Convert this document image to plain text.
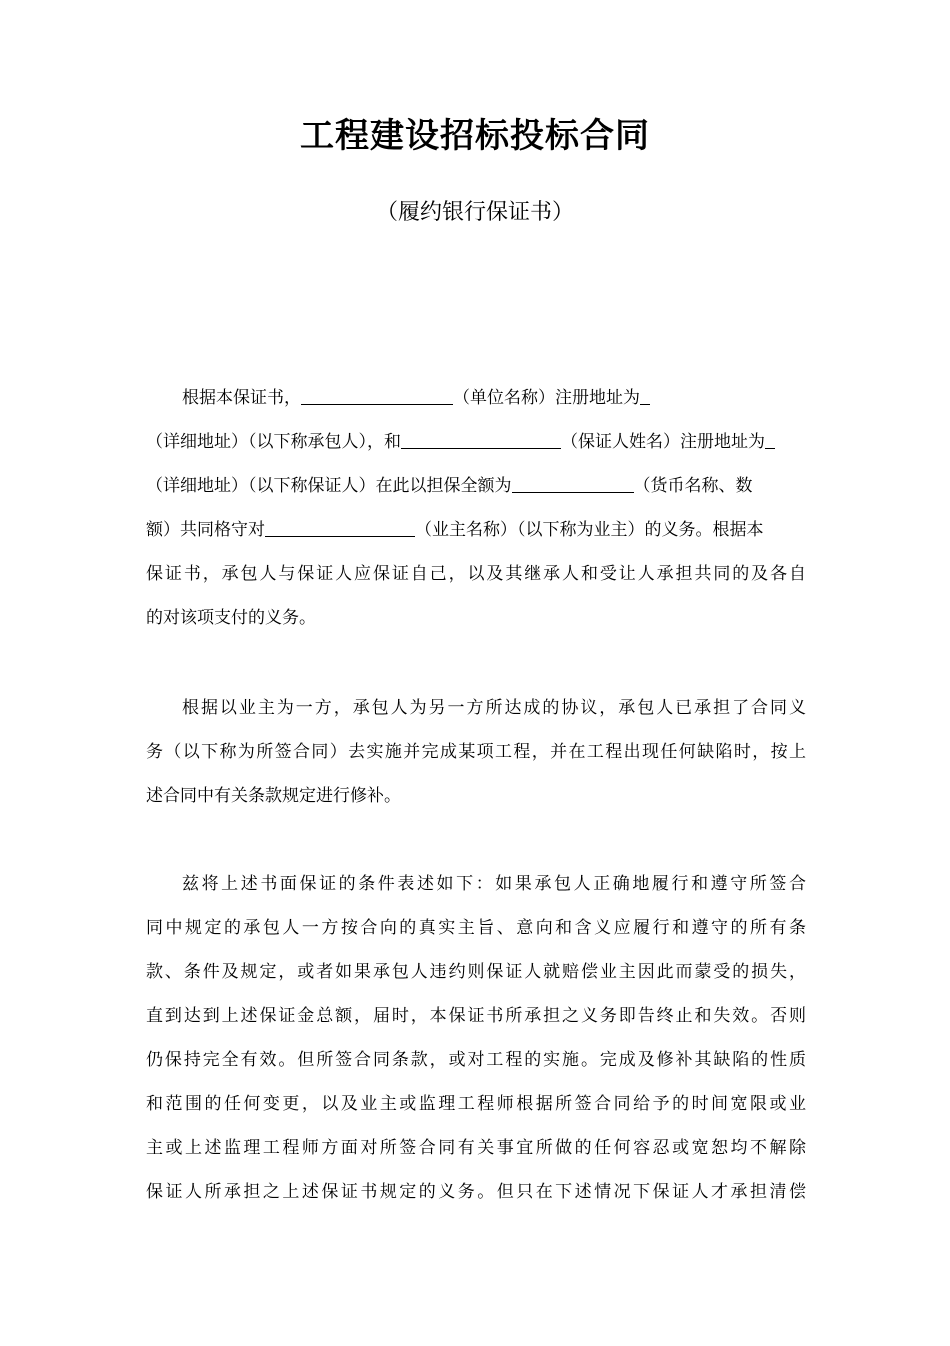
工程建设招标投标合同
（履约银行保证书）
根据本保证书，	（单位名称）注册地址为
（详细地址）（以下称承包人），和	（保证人姓名）注册地址为
（详细地址）（以下称保证人）在此以担保全额为	（货币名称、数
额）共同格守对	（业主名称）（以下称为业主）的义务。根据本
保证书，承包人与保证人应保证自己，以及其继承人和受让人承担共同的及各自
的对该项支付的义务。
根据以业主为一方，承包人为另一方所达成的协议，承包人已承担了合同义
务（以下称为所签合同）去实施并完成某项工程，并在工程出现任何缺陷时，按上
述合同中有关条款规定进行修补。
兹将上述书面保证的条件表述如下：如果承包人正确地履行和遵守所签合
同中规定的承包人一方按合向的真实主旨、意向和含义应履行和遵守的所有条
款、条件及规定，或者如果承包人违约则保证人就赔偿业主因此而蒙受的损失，
直到达到上述保证金总额，届时，本保证书所承担之义务即告终止和失效。否则
仍保持完全有效。但所签合同条款，或对工程的实施。完成及修补其缺陷的性质
和范围的任何变更，以及业主或监理工程师根据所签合同给予的时间宽限或业
主或上述监理工程师方面对所签合同有关事宜所做的任何容忍或宽恕均不解除
保证人所承担之上述保证书规定的义务。但只在下述情况下保证人才承担清偿
